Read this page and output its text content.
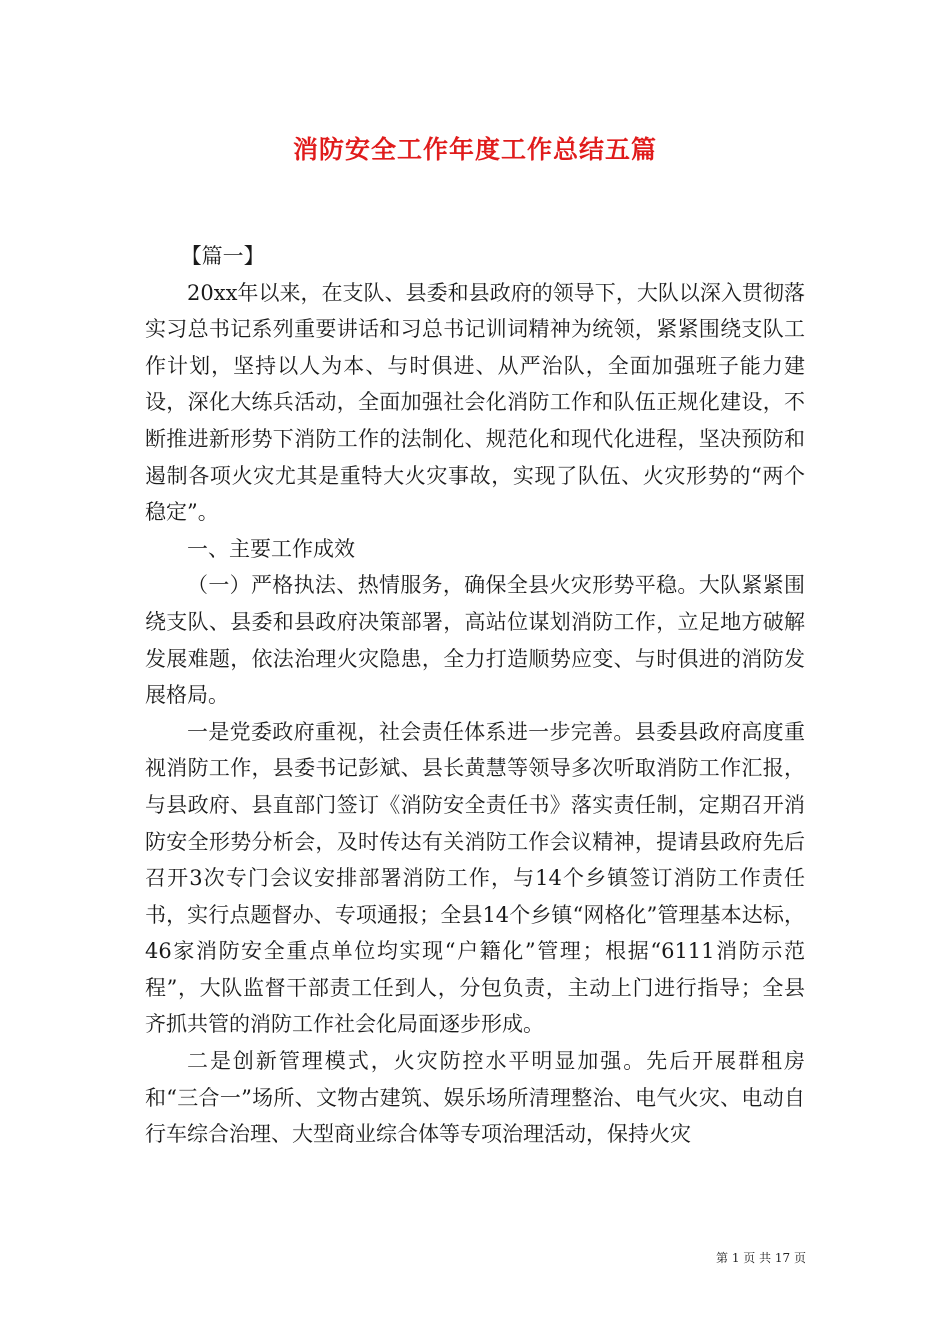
消防安全工作年度工作总结五篇

【篇一】

20xx年以来，在支队、县委和县政府的领导下，大队以深入贯彻落实习总书记系列重要讲话和习总书记训词精神为统领，紧紧围绕支队工作计划，坚持以人为本、与时俱进、从严治队，全面加强班子能力建设，深化大练兵活动，全面加强社会化消防工作和队伍正规化建设，不断推进新形势下消防工作的法制化、规范化和现代化进程，坚决预防和遏制各项火灾尤其是重特大火灾事故，实现了队伍、火灾形势的“两个稳定”。

一、主要工作成效

（一）严格执法、热情服务，确保全县火灾形势平稳。大队紧紧围绕支队、县委和县政府决策部署，高站位谋划消防工作，立足地方破解发展难题，依法治理火灾隐患，全力打造顺势应变、与时俱进的消防发展格局。

一是党委政府重视，社会责任体系进一步完善。县委县政府高度重视消防工作，县委书记彭斌、县长黄慧等领导多次听取消防工作汇报，与县政府、县直部门签订《消防安全责任书》落实责任制，定期召开消防安全形势分析会，及时传达有关消防工作会议精神，提请县政府先后召开3次专门会议安排部署消防工作，与14个乡镇签订消防工作责任书，实行点题督办、专项通报；全县14个乡镇“网格化”管理基本达标，46家消防安全重点单位均实现“户籍化”管理；根据“6111消防示范程”，大队监督干部责工任到人，分包负责，主动上门进行指导；全县齐抓共管的消防工作社会化局面逐步形成。

二是创新管理模式，火灾防控水平明显加强。先后开展群租房和“三合一”场所、文物古建筑、娱乐场所清理整治、电气火灾、电动自行车综合治理、大型商业综合体等专项治理活动，保持火灾

第 1 页 共 17 页
